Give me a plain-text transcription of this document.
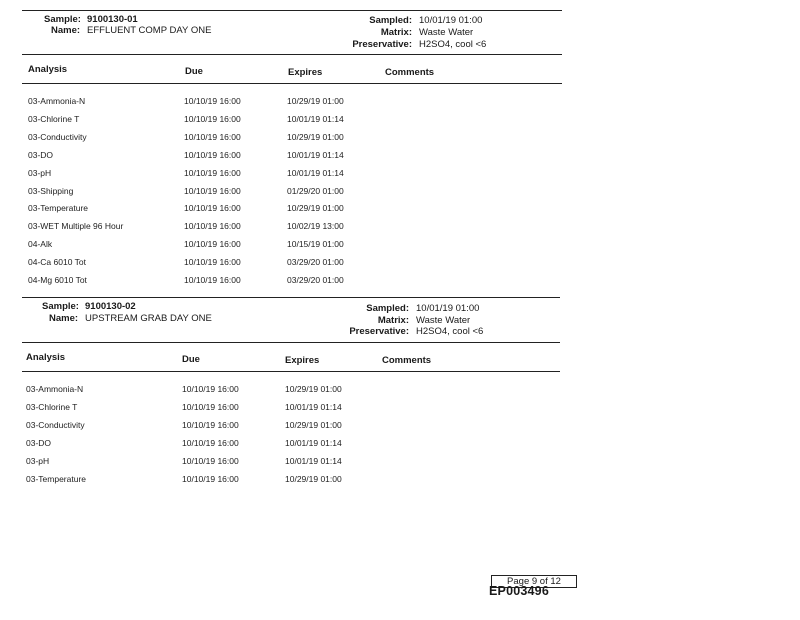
Sample: 9100130-01
Name: EFFLUENT COMP DAY ONE
Sampled: 10/01/19 01:00
Matrix: Waste Water
Preservative: H2SO4, cool <6
Analysis	Due	Expires	Comments
03-Ammonia-N	10/10/19 16:00	10/29/19 01:00
03-Chlorine T	10/10/19 16:00	10/01/19 01:14
03-Conductivity	10/10/19 16:00	10/29/19 01:00
03-DO	10/10/19 16:00	10/01/19 01:14
03-pH	10/10/19 16:00	10/01/19 01:14
03-Shipping	10/10/19 16:00	01/29/20 01:00
03-Temperature	10/10/19 16:00	10/29/19 01:00
03-WET Multiple 96 Hour	10/10/19 16:00	10/02/19 13:00
04-Alk	10/10/19 16:00	10/15/19 01:00
04-Ca 6010 Tot	10/10/19 16:00	03/29/20 01:00
04-Mg 6010 Tot	10/10/19 16:00	03/29/20 01:00
Sample: 9100130-02
Name: UPSTREAM GRAB DAY ONE
Sampled: 10/01/19 01:00
Matrix: Waste Water
Preservative: H2SO4, cool <6
Analysis	Due	Expires	Comments
03-Ammonia-N	10/10/19 16:00	10/29/19 01:00
03-Chlorine T	10/10/19 16:00	10/01/19 01:14
03-Conductivity	10/10/19 16:00	10/29/19 01:00
03-DO	10/10/19 16:00	10/01/19 01:14
03-pH	10/10/19 16:00	10/01/19 01:14
03-Temperature	10/10/19 16:00	10/29/19 01:00
Page 9 of 12
EP003496
